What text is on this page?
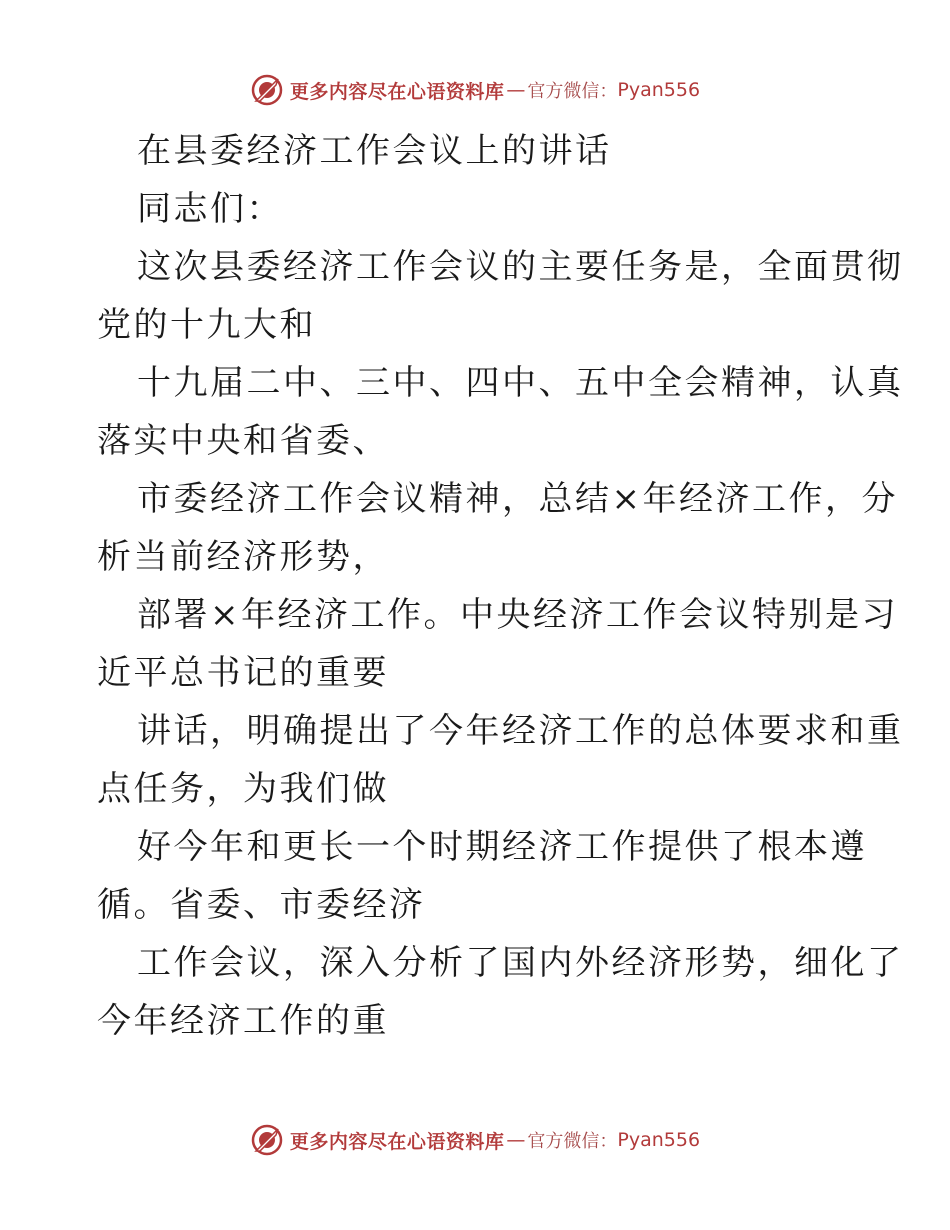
更多内容尽在心语资料库 — 官方微信： Pyan556
在县委经济工作会议上的讲话
同志们：
这次县委经济工作会议的主要任务是，全面贯彻
党的十九大和
十九届二中、三中、四中、五中全会精神，认真
落实中央和省委、
市委经济工作会议精神，总结×年经济工作，分
析当前经济形势，
部署×年经济工作。中央经济工作会议特别是习
近平总书记的重要
讲话，明确提出了今年经济工作的总体要求和重
点任务，为我们做
好今年和更长一个时期经济工作提供了根本遵
循。省委、市委经济
工作会议，深入分析了国内外经济形势，细化了
今年经济工作的重
更多内容尽在心语资料库 — 官方微信： Pyan556
